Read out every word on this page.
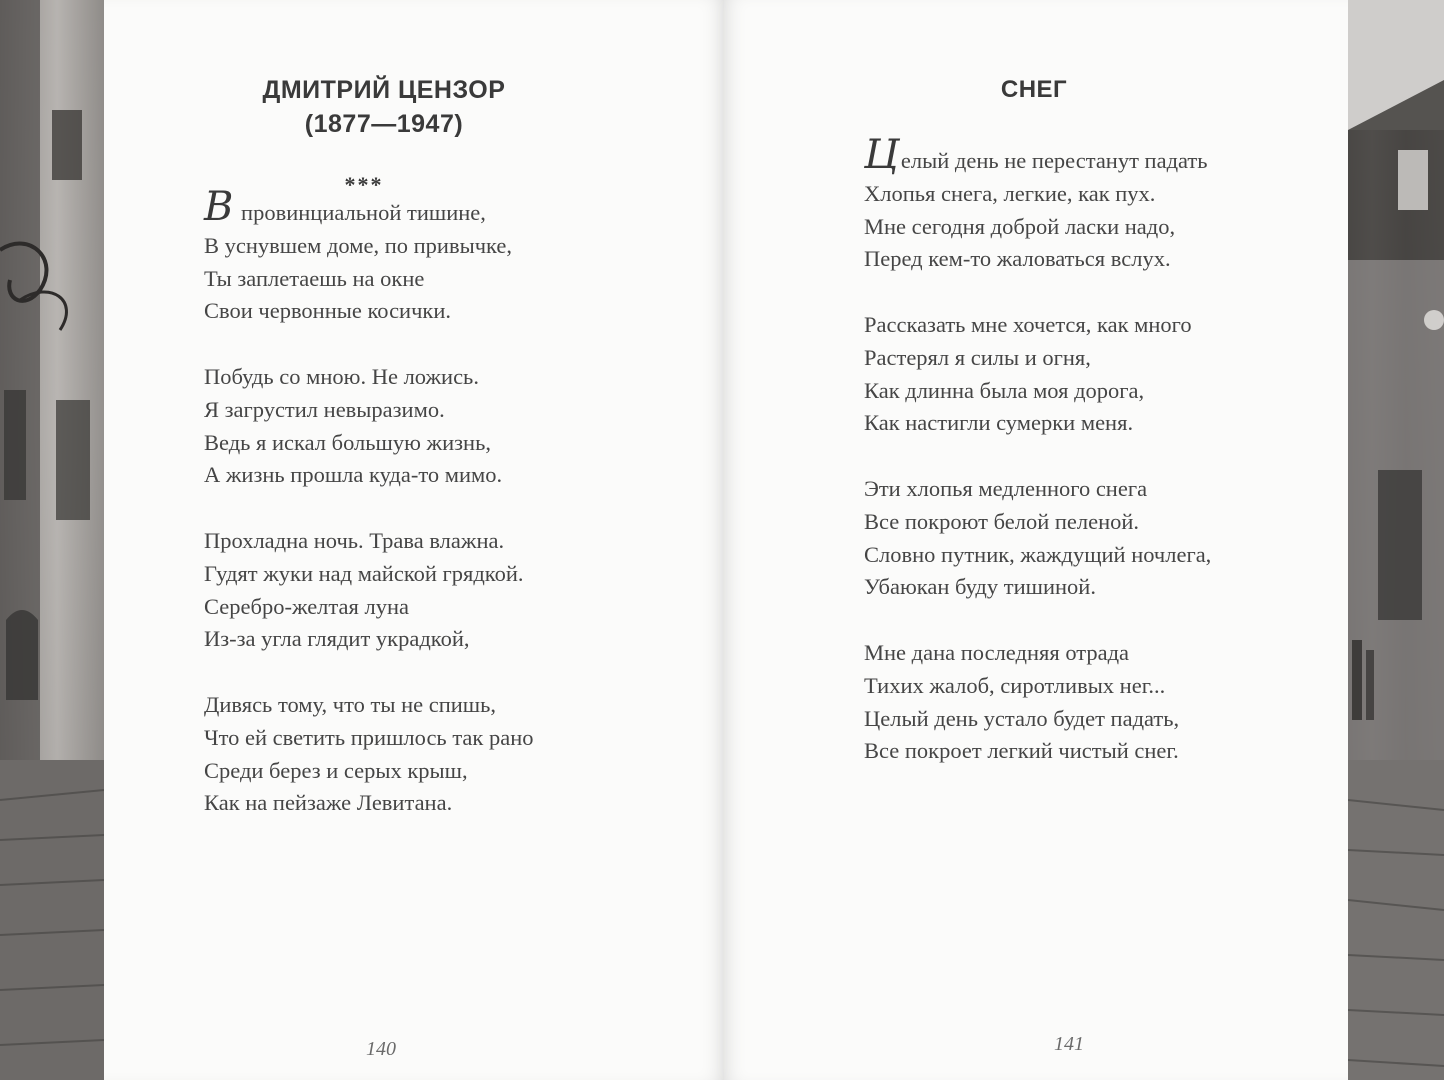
ДМИТРИЙ ЦЕНЗОР
(1877—1947)
***
В провинциальной тишине,
В уснувшем доме, по привычке,
Ты заплетаешь на окне
Свои червонные косички.
Побудь со мною. Не ложись.
Я загрустил невыразимо.
Ведь я искал большую жизнь,
А жизнь прошла куда-то мимо.
Прохладна ночь. Трава влажна.
Гудят жуки над майской грядкой.
Серебро-желтая луна
Из-за угла глядит украдкой,
Дивясь тому, что ты не спишь,
Что ей светить пришлось так рано
Среди берез и серых крыш,
Как на пейзаже Левитана.
140
СНЕГ
Целый день не перестанут падать
Хлопья снега, легкие, как пух.
Мне сегодня доброй ласки надо,
Перед кем-то жаловаться вслух.
Рассказать мне хочется, как много
Растерял я силы и огня,
Как длинна была моя дорога,
Как настигли сумерки меня.
Эти хлопья медленного снега
Все покроют белой пеленой.
Словно путник, жаждущий ночлега,
Убаюкан буду тишиной.
Мне дана последняя отрада
Тихих жалоб, сиротливых нег...
Целый день устало будет падать,
Все покроет легкий чистый снег.
141
